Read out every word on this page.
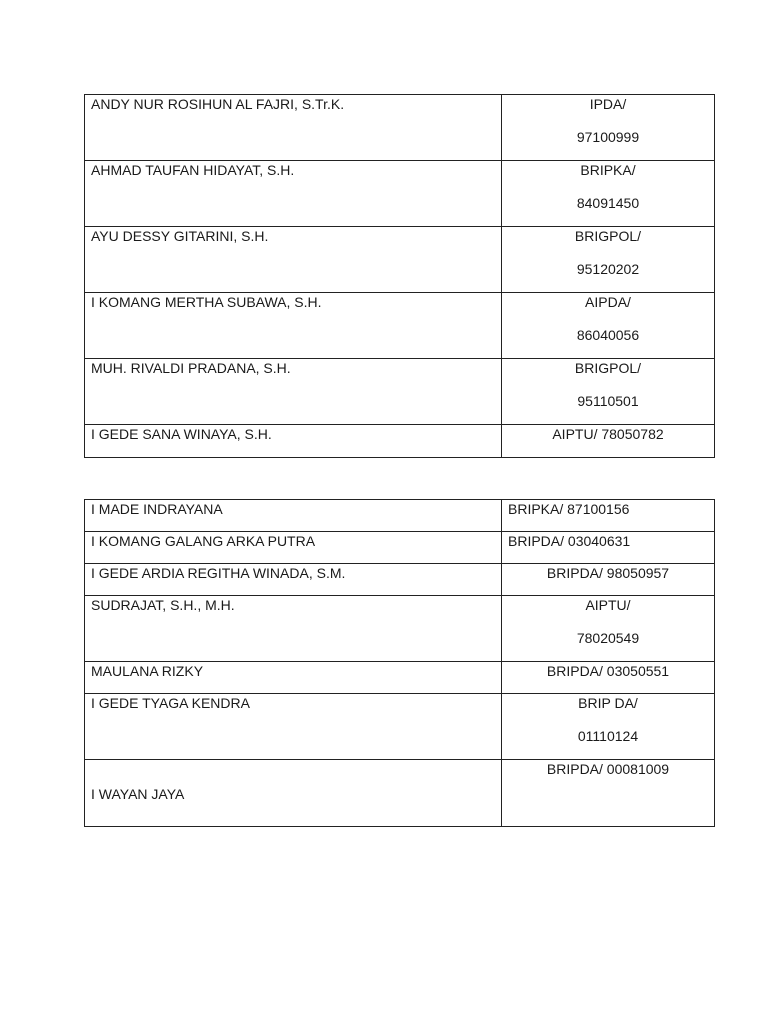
ANDY NUR ROSIHUN AL FAJRI, S.Tr.K.	IPDA/
97100999

AHMAD TAUFAN HIDAYAT, S.H.	BRIPKA/
84091450

AYU DESSY GITARINI, S.H.	BRIGPOL/
95120202

I KOMANG MERTHA SUBAWA, S.H.	AIPDA/
86040056

MUH. RIVALDI PRADANA, S.H.	BRIGPOL/
95110501

I GEDE SANA WINAYA, S.H.	AIPTU/ 78050782
I MADE INDRAYANA	BRIPKA/ 87100156
I KOMANG GALANG ARKA PUTRA	BRIPDA/ 03040631
I GEDE ARDIA REGITHA WINADA, S.M.	BRIPDA/ 98050957
SUDRAJAT, S.H., M.H.	AIPTU/
78020549

MAULANA RIZKY	BRIPDA/ 03050551
I GEDE TYAGA KENDRA	BRIP DA/
01110124

I WAYAN JAYA	BRIPDA/ 00081009
